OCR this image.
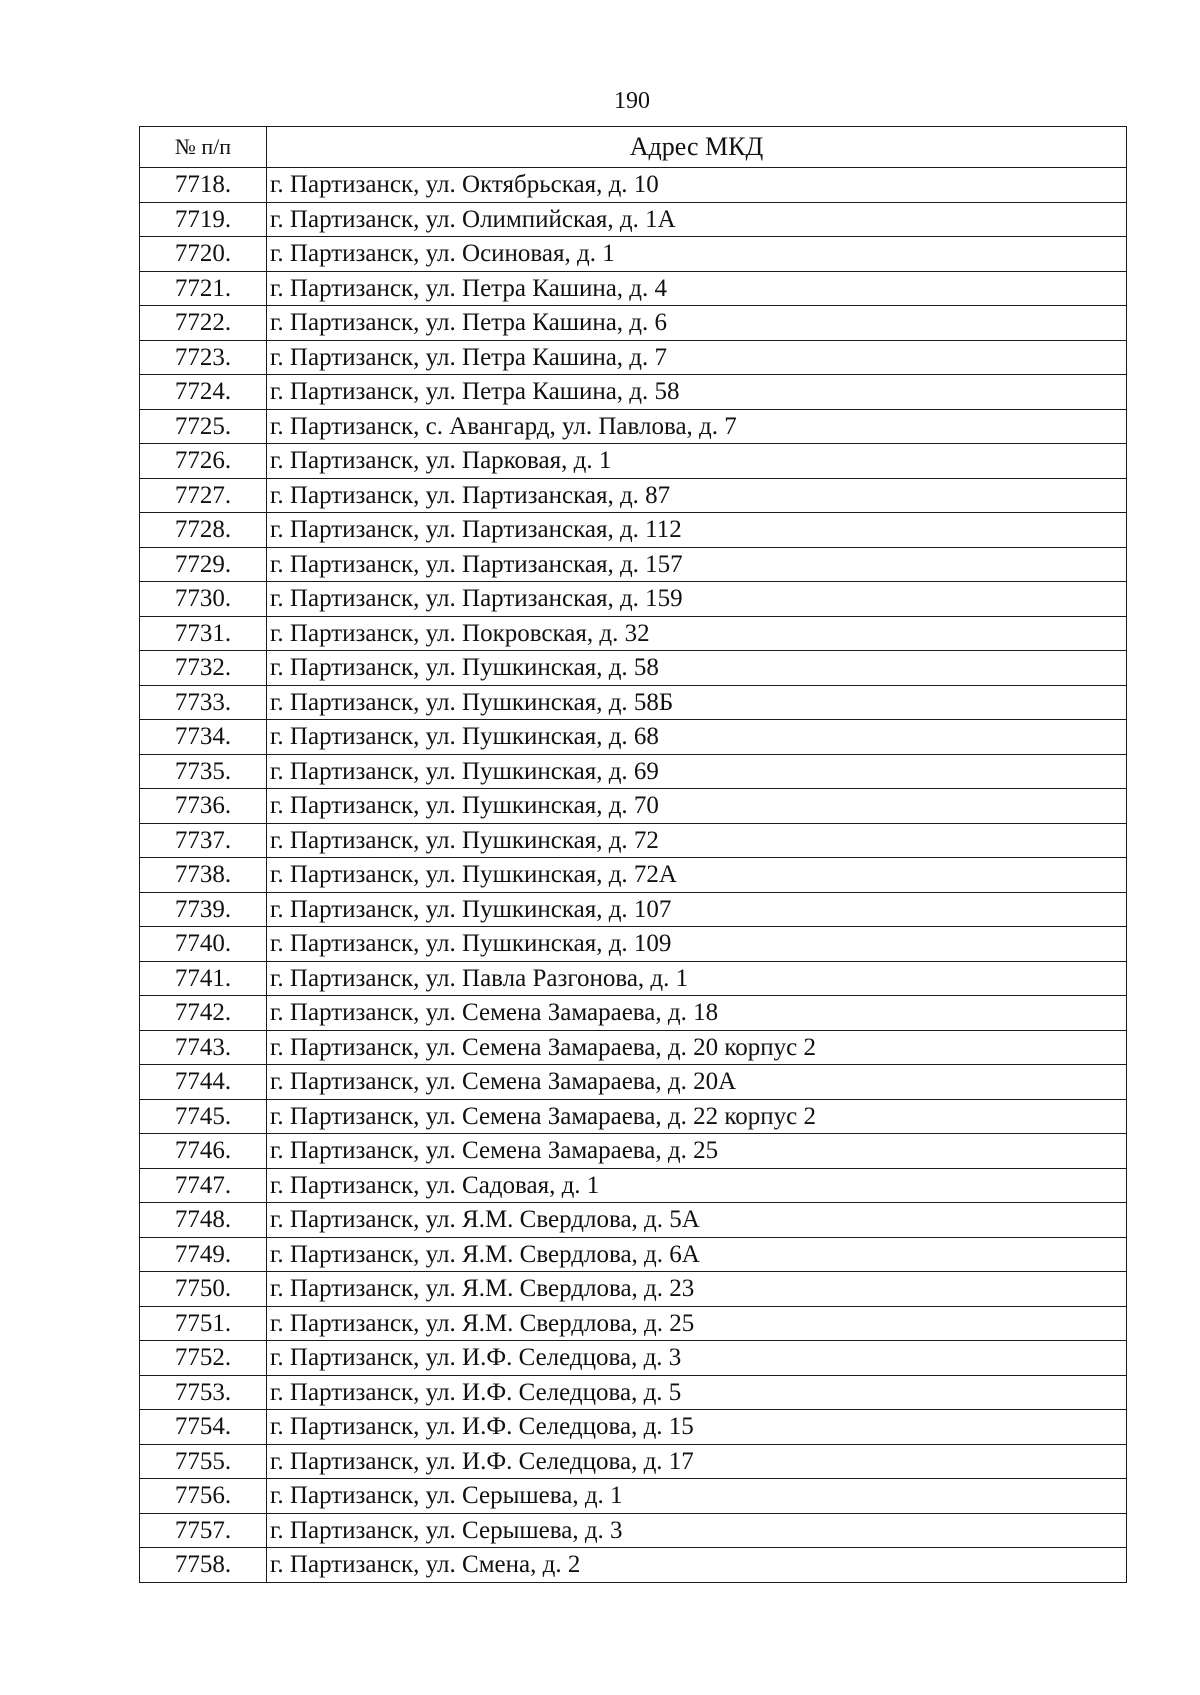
190
№ п/п	Адрес МКД
7718.	г. Партизанск, ул. Октябрьская, д. 10
7719.	г. Партизанск, ул. Олимпийская, д. 1А
7720.	г. Партизанск, ул. Осиновая, д. 1
7721.	г. Партизанск, ул. Петра Кашина, д. 4
7722.	г. Партизанск, ул. Петра Кашина, д. 6
7723.	г. Партизанск, ул. Петра Кашина, д. 7
7724.	г. Партизанск, ул. Петра Кашина, д. 58
7725.	г. Партизанск, с. Авангард, ул. Павлова, д. 7
7726.	г. Партизанск, ул. Парковая, д. 1
7727.	г. Партизанск, ул. Партизанская, д. 87
7728.	г. Партизанск, ул. Партизанская, д. 112
7729.	г. Партизанск, ул. Партизанская, д. 157
7730.	г. Партизанск, ул. Партизанская, д. 159
7731.	г. Партизанск, ул. Покровская, д. 32
7732.	г. Партизанск, ул. Пушкинская, д. 58
7733.	г. Партизанск, ул. Пушкинская, д. 58Б
7734.	г. Партизанск, ул. Пушкинская, д. 68
7735.	г. Партизанск, ул. Пушкинская, д. 69
7736.	г. Партизанск, ул. Пушкинская, д. 70
7737.	г. Партизанск, ул. Пушкинская, д. 72
7738.	г. Партизанск, ул. Пушкинская, д. 72А
7739.	г. Партизанск, ул. Пушкинская, д. 107
7740.	г. Партизанск, ул. Пушкинская, д. 109
7741.	г. Партизанск, ул. Павла Разгонова, д. 1
7742.	г. Партизанск, ул. Семена Замараева, д. 18
7743.	г. Партизанск, ул. Семена Замараева, д. 20 корпус 2
7744.	г. Партизанск, ул. Семена Замараева, д. 20А
7745.	г. Партизанск, ул. Семена Замараева, д. 22 корпус 2
7746.	г. Партизанск, ул. Семена Замараева, д. 25
7747.	г. Партизанск, ул. Садовая, д. 1
7748.	г. Партизанск, ул. Я.М. Свердлова, д. 5А
7749.	г. Партизанск, ул. Я.М. Свердлова, д. 6А
7750.	г. Партизанск, ул. Я.М. Свердлова, д. 23
7751.	г. Партизанск, ул. Я.М. Свердлова, д. 25
7752.	г. Партизанск, ул. И.Ф. Селедцова, д. 3
7753.	г. Партизанск, ул. И.Ф. Селедцова, д. 5
7754.	г. Партизанск, ул. И.Ф. Селедцова, д. 15
7755.	г. Партизанск, ул. И.Ф. Селедцова, д. 17
7756.	г. Партизанск, ул. Серышева, д. 1
7757.	г. Партизанск, ул. Серышева, д. 3
7758.	г. Партизанск, ул. Смена, д. 2
